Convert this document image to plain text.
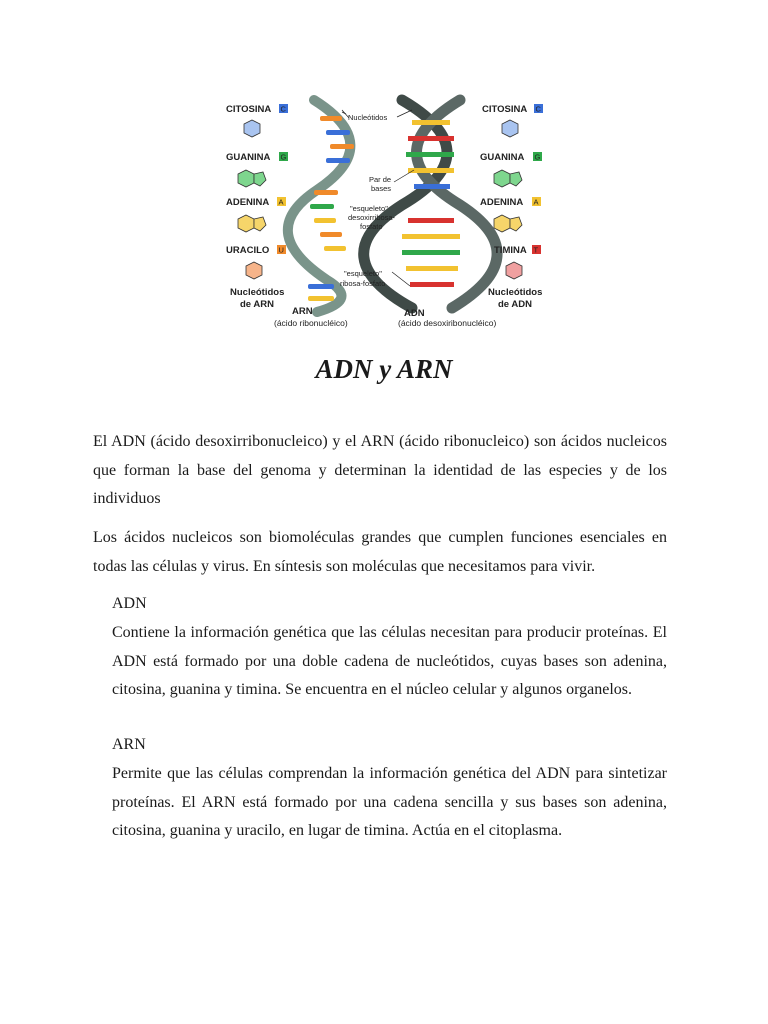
CITOSINA C
GUANINA G
ADENINA A
URACILO U
Nucleótidos
de ARN
Nucleótidos
Par de
bases
"esqueleto"
desoxirribosa-
fosfato
"esqueleto"
ribosa-fosfato
ARN
(ácido ribonucléico)
ADN
(ácido desoxiribonucléico)
CITOSINA C
GUANINA G
ADENINA A
TIMINA T
Nucleótidos
de ADN
ADN y ARN

El ADN (ácido desoxirribonucleico) y el ARN (ácido ribonucleico) son ácidos nucleicos que forman la base del genoma y determinan la identidad de las especies y de los individuos

Los ácidos nucleicos son biomoléculas grandes que cumplen funciones esenciales en todas las células y virus. En síntesis son moléculas que necesitamos para vivir.

ADN

Contiene la información genética que las células necesitan para producir proteínas. El ADN está formado por una doble cadena de nucleótidos, cuyas bases son adenina, citosina, guanina y timina. Se encuentra en el núcleo celular y algunos organelos.

ARN

Permite que las células comprendan la información genética del ADN para sintetizar proteínas. El ARN está formado por una cadena sencilla y sus bases son adenina, citosina, guanina y uracilo, en lugar de timina. Actúa en el citoplasma.
